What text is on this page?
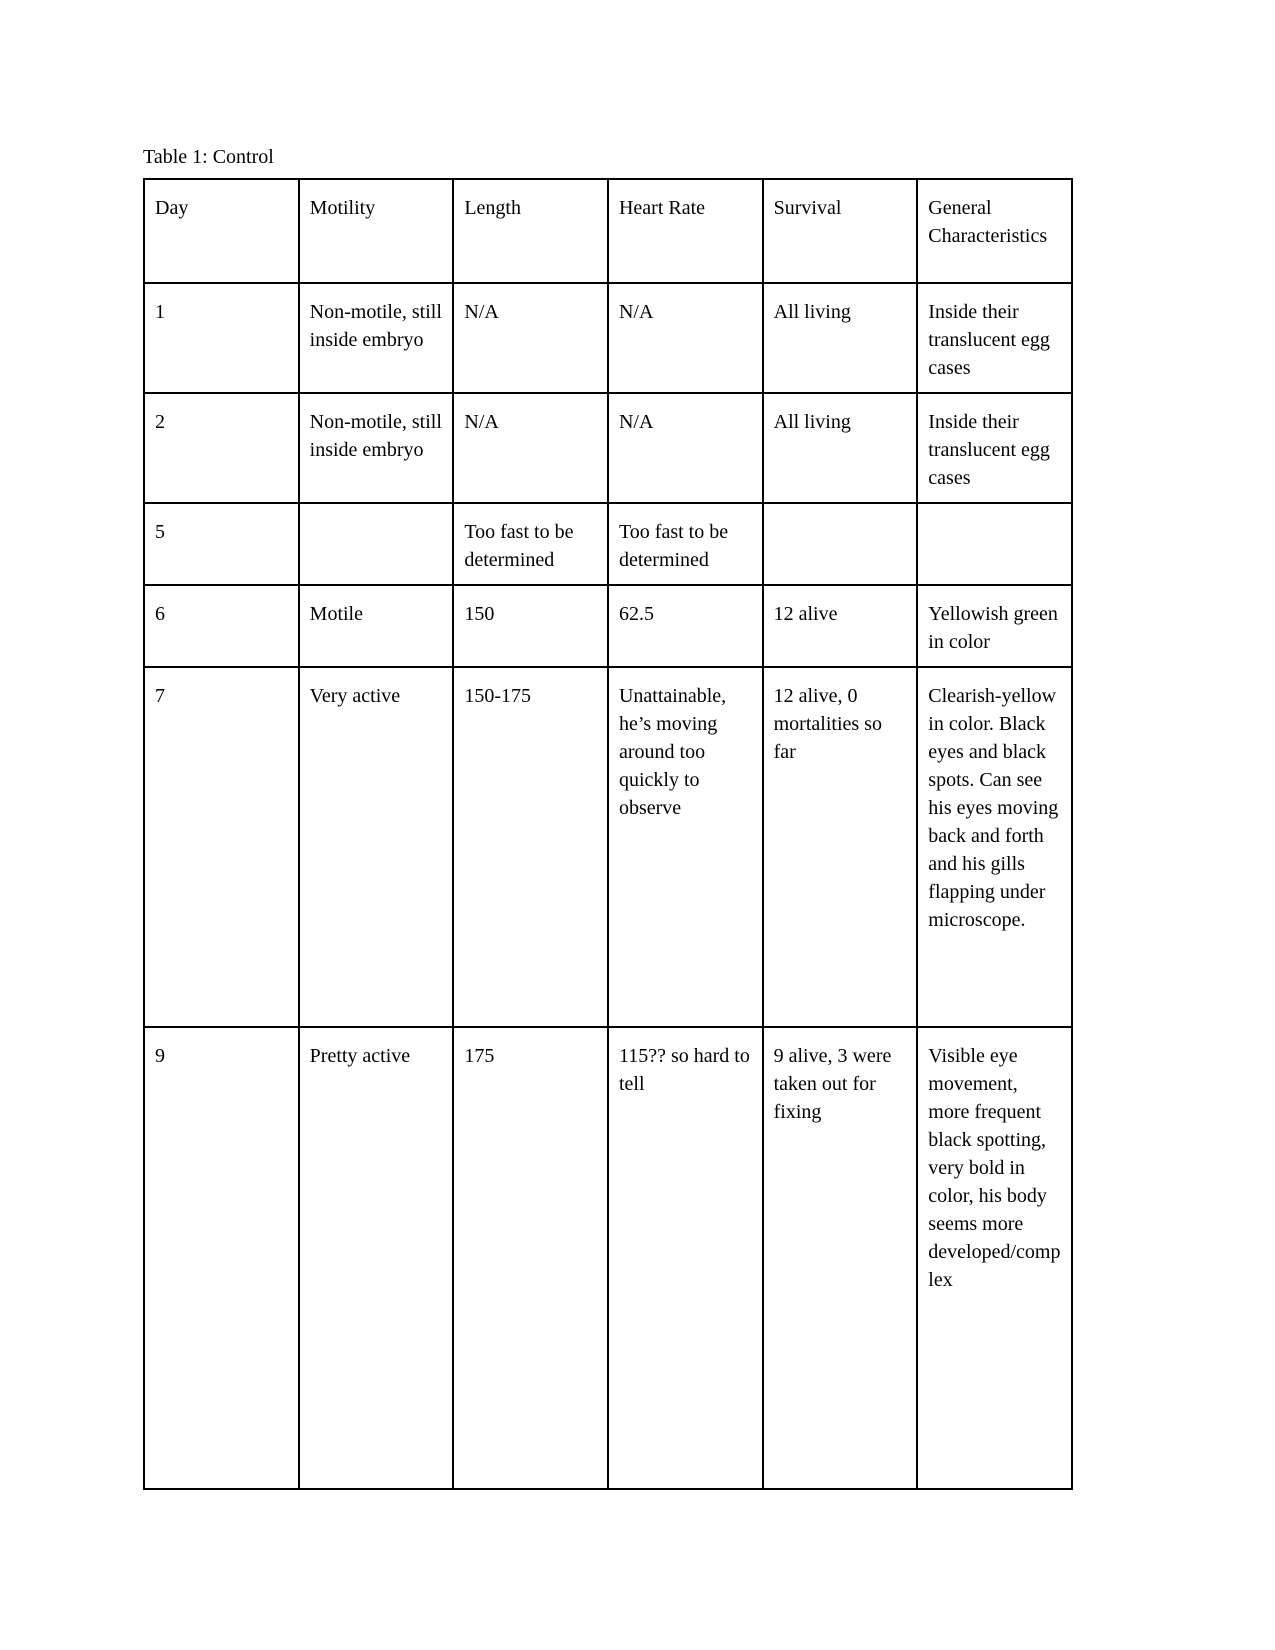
Table 1: Control

Day	Motility	Length	Heart Rate	Survival	General Characteristics
1	Non-motile, still inside embryo	N/A	N/A	All living	Inside their translucent egg cases
2	Non-motile, still inside embryo	N/A	N/A	All living	Inside their translucent egg cases
5		Too fast to be determined	Too fast to be determined		
6	Motile	150	62.5	12 alive	Yellowish green in color
7	Very active	150-175	Unattainable, he’s moving around too quickly to observe	12 alive, 0 mortalities so far	Clearish-yellow in color. Black eyes and black spots. Can see his eyes moving back and forth and his gills flapping under microscope.
9	Pretty active	175	115?? so hard to tell	9 alive, 3 were taken out for fixing	Visible eye movement, more frequent black spotting, very bold in color, his body seems more developed/complex
